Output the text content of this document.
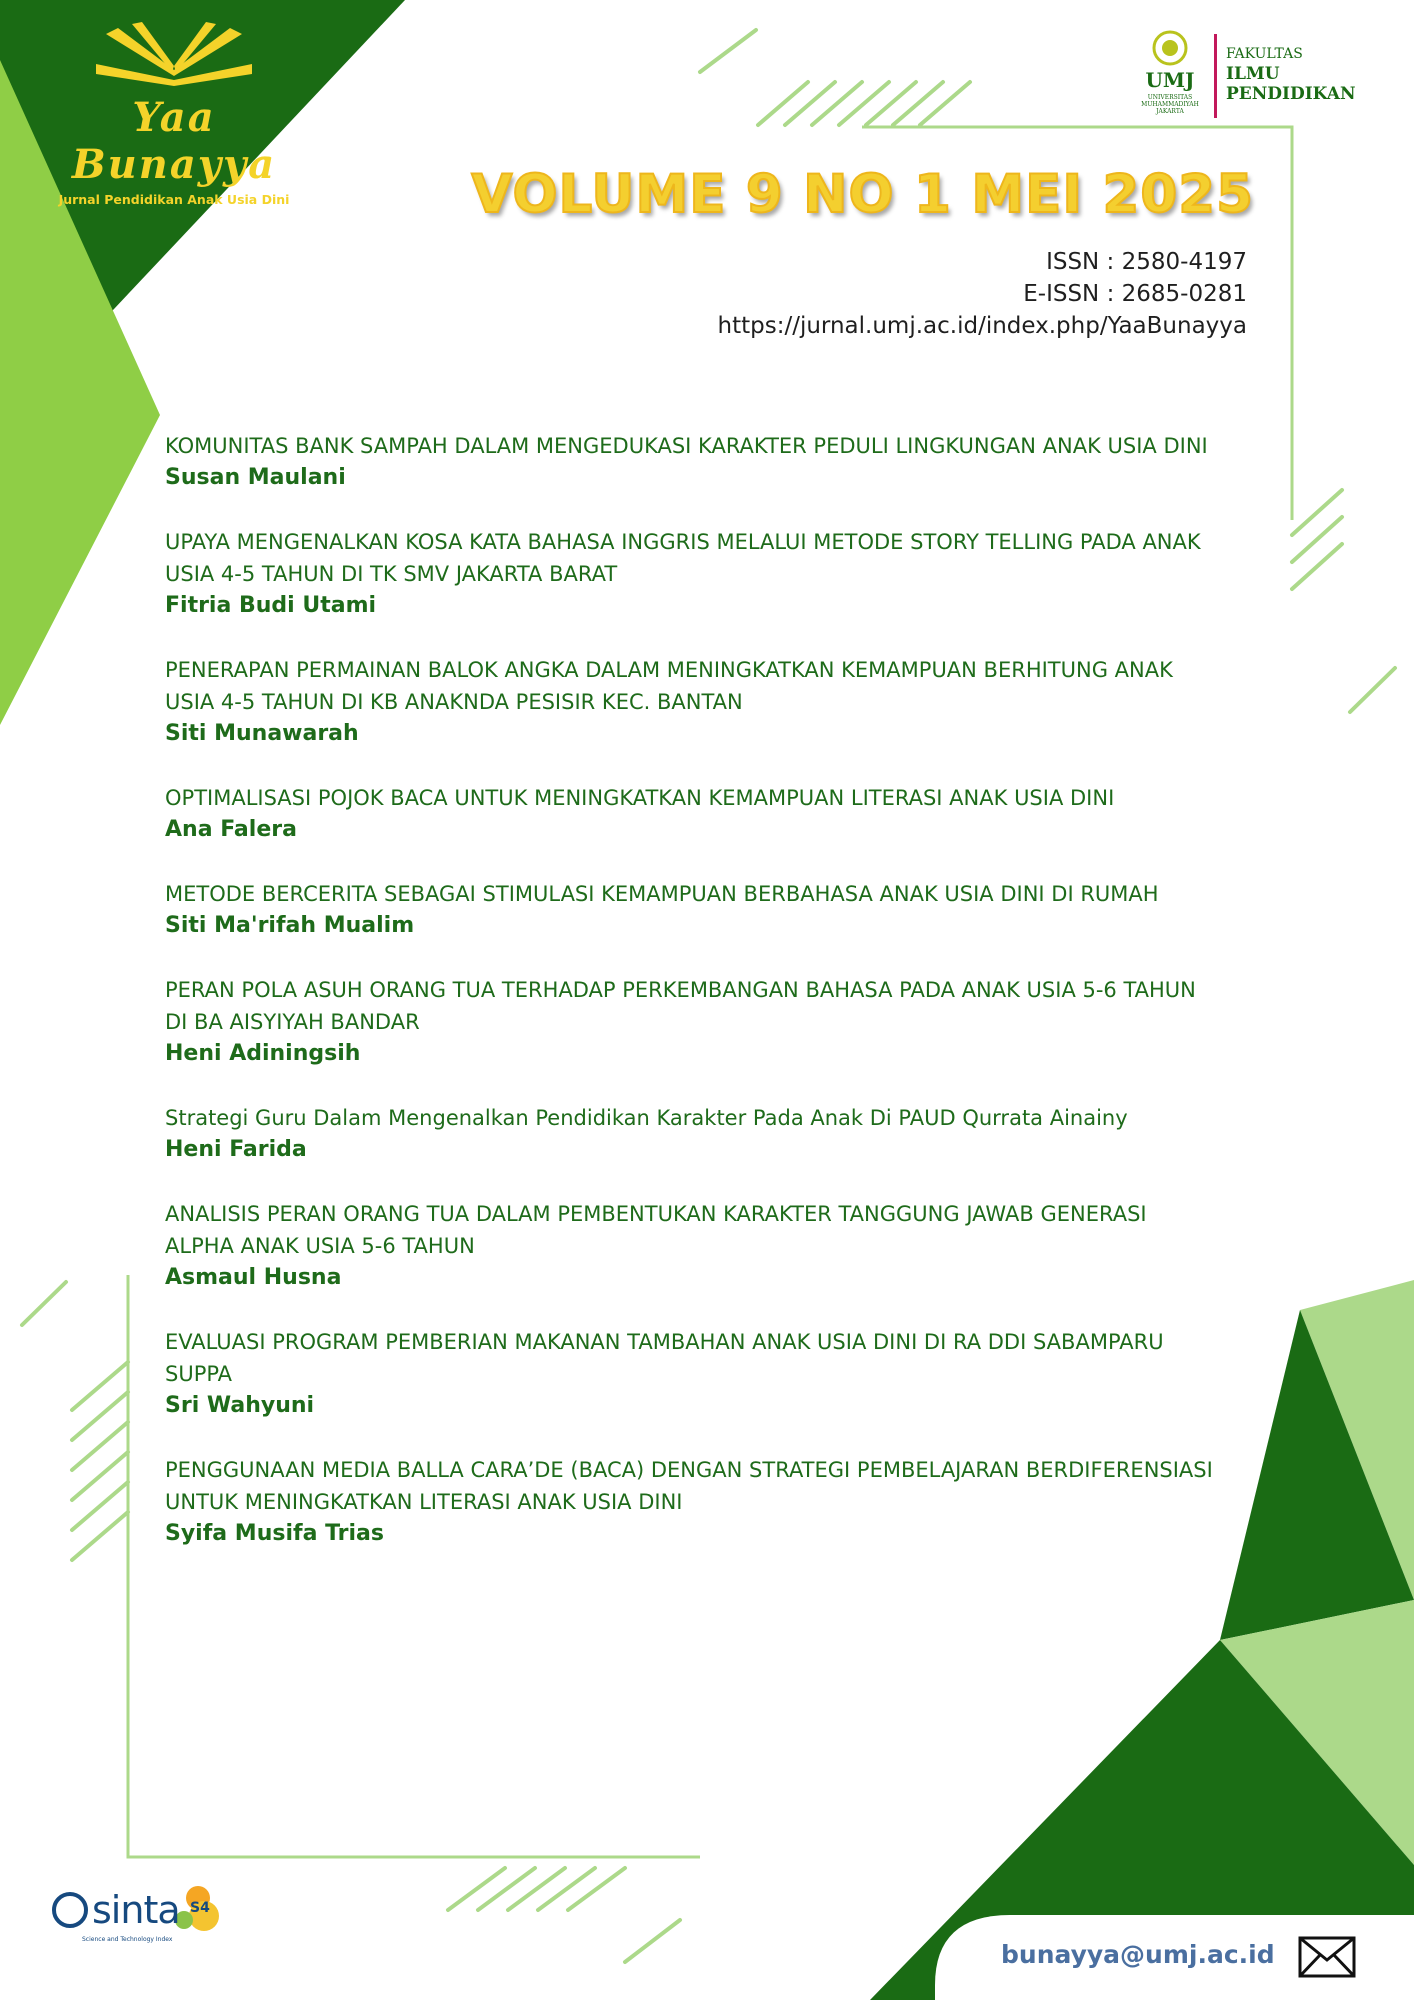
Yaa Bunayya
Jurnal Pendidikan Anak Usia Dini
UMJ
UNIVERSITAS
MUHAMMADIYAH
JAKARTA
FAKULTAS
ILMU
PENDIDIKAN
VOLUME 9 NO 1 MEI 2025
ISSN : 2580-4197
E-ISSN : 2685-0281
https://jurnal.umj.ac.id/index.php/YaaBunayya
KOMUNITAS BANK SAMPAH DALAM MENGEDUKASI KARAKTER PEDULI LINGKUNGAN ANAK USIA DINI
Susan Maulani
UPAYA MENGENALKAN KOSA KATA BAHASA INGGRIS MELALUI METODE STORY TELLING PADA ANAK USIA 4-5 TAHUN DI TK SMV JAKARTA BARAT
Fitria Budi Utami
PENERAPAN PERMAINAN BALOK ANGKA DALAM MENINGKATKAN KEMAMPUAN BERHITUNG ANAK USIA 4-5 TAHUN DI KB ANAKNDA PESISIR KEC. BANTAN
Siti Munawarah
OPTIMALISASI POJOK BACA UNTUK MENINGKATKAN KEMAMPUAN LITERASI ANAK USIA DINI
Ana Falera
METODE BERCERITA SEBAGAI STIMULASI KEMAMPUAN BERBAHASA ANAK USIA DINI DI RUMAH
Siti Ma'rifah Mualim
PERAN POLA ASUH ORANG TUA TERHADAP PERKEMBANGAN BAHASA PADA ANAK USIA 5-6 TAHUN DI BA AISYIYAH BANDAR
Heni Adiningsih
Strategi Guru Dalam Mengenalkan Pendidikan Karakter Pada Anak Di PAUD Qurrata Ainainy
Heni Farida
ANALISIS PERAN ORANG TUA DALAM PEMBENTUKAN KARAKTER TANGGUNG JAWAB GENERASI ALPHA ANAK USIA 5-6 TAHUN
Asmaul Husna
EVALUASI PROGRAM PEMBERIAN MAKANAN TAMBAHAN ANAK USIA DINI DI RA DDI SABAMPARU SUPPA
Sri Wahyuni
PENGGUNAAN MEDIA BALLA CARA’DE (BACA) DENGAN STRATEGI PEMBELAJARAN BERDIFERENSIASI UNTUK MENINGKATKAN LITERASI ANAK USIA DINI
Syifa Musifa Trias
sinta S4
Science and Technology Index
bunayya@umj.ac.id
